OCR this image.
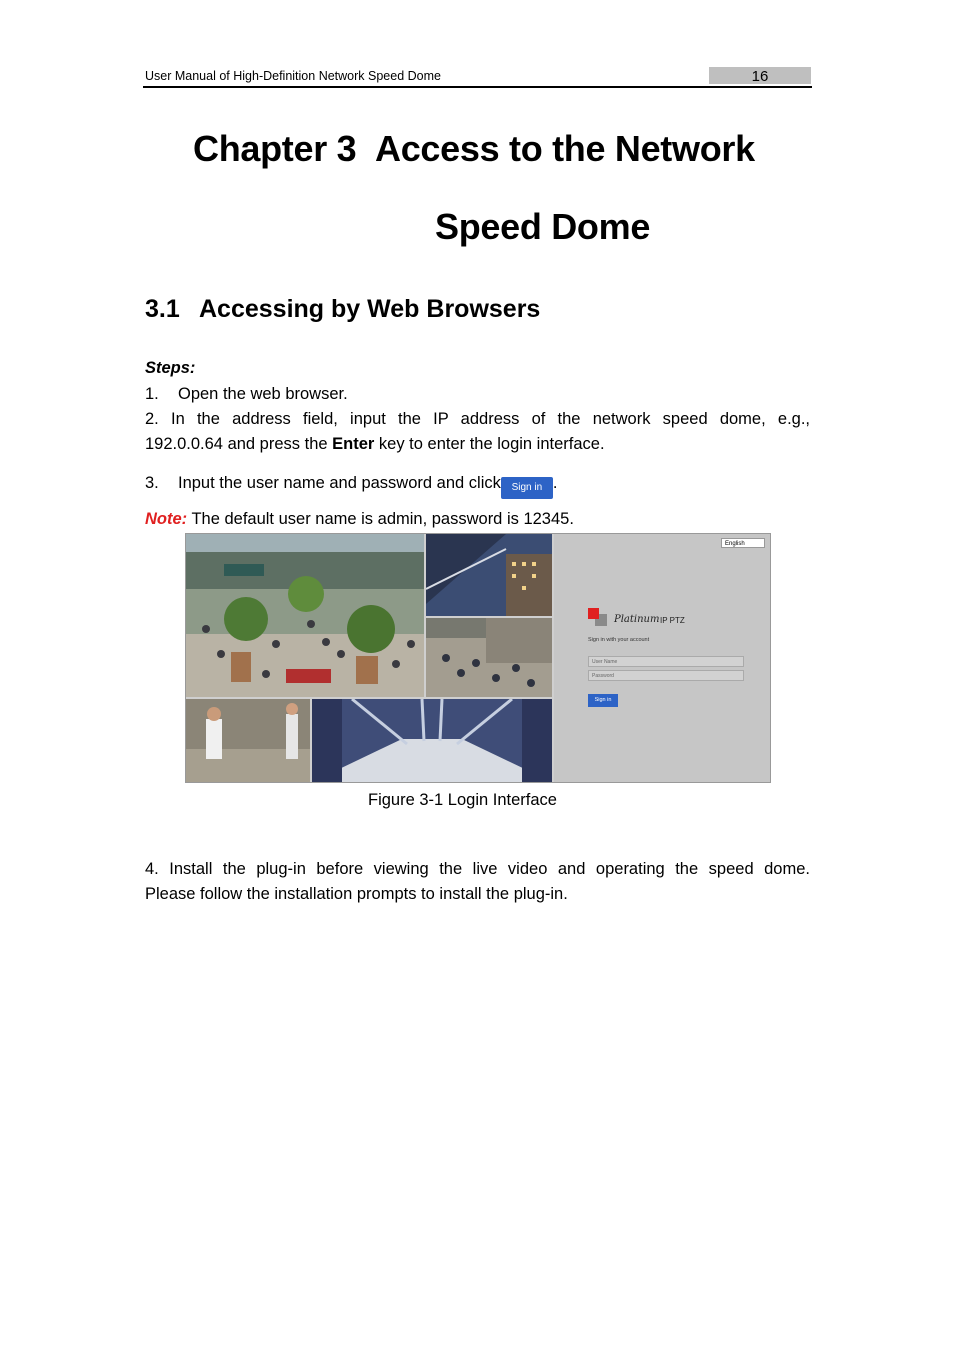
User Manual of High-Definition Network Speed Dome	16
Chapter 3 Access to the Network
Speed Dome
3.1 Accessing by Web Browsers
Steps:
1. Open the web browser.
2. In the address field, input the IP address of the network speed dome, e.g.,
192.0.0.64 and press the Enter key to enter the login interface.
3. Input the user name and password and click Sign in .
Note: The default user name is admin, password is 12345.
English
Platinum IP PTZ
Sign in with your account
User Name
Password
Sign in
Figure 3-1 Login Interface
4. Install the plug-in before viewing the live video and operating the speed dome.
Please follow the installation prompts to install the plug-in.
